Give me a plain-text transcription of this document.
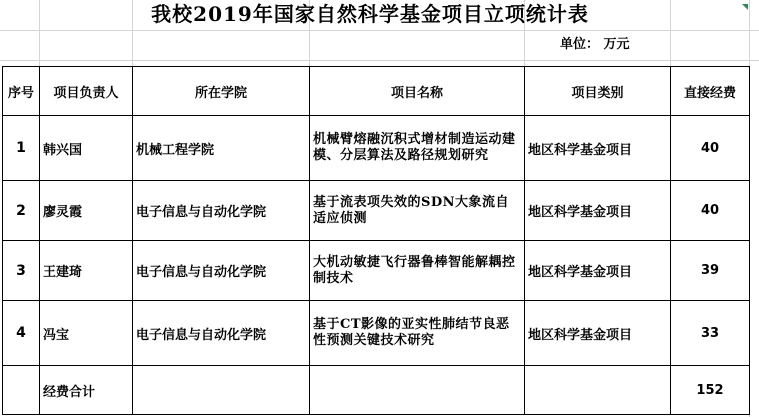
我校2019年国家自然科学基金项目立项统计表
单位： 万元
序号	项目负责人	所在学院	项目名称	项目类别	直接经费
1	韩兴国	机械工程学院	机械臂熔融沉积式增材制造运动建模、分层算法及路径规划研究	地区科学基金项目	40
2	廖灵霞	电子信息与自动化学院	基于流表项失效的SDN大象流自适应侦测	地区科学基金项目	40
3	王建琦	电子信息与自动化学院	大机动敏捷飞行器鲁棒智能解耦控制技术	地区科学基金项目	39
4	冯宝	电子信息与自动化学院	基于CT影像的亚实性肺结节良恶性预测关键技术研究	地区科学基金项目	33
	经费合计				152
